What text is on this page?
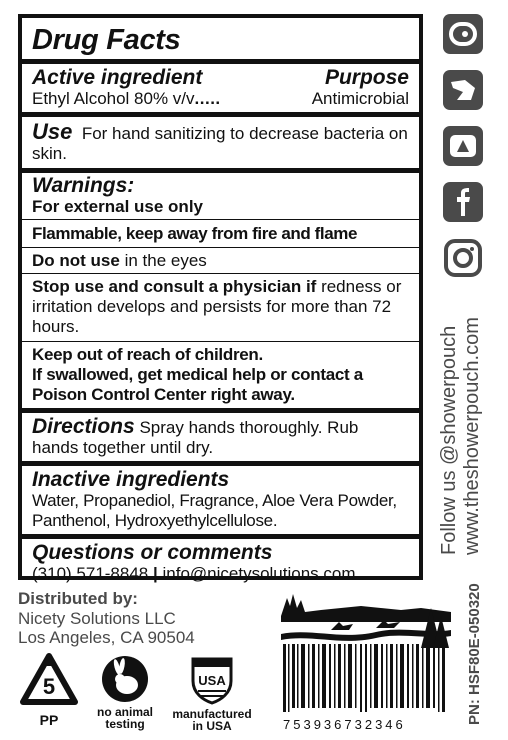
Drug Facts
Active ingredient	Purpose
Ethyl Alcohol 80% v/v.....	Antimicrobial
Use For hand sanitizing to decrease bacteria on skin.
Warnings:
For external use only
Flammable, keep away from fire and flame
Do not use in the eyes
Stop use and consult a physician if redness or irritation develops and persists for more than 72 hours.
Keep out of reach of children.
If swallowed, get medical help or contact a Poison Control Center right away.
Directions Spray hands thoroughly. Rub hands together until dry.
Inactive ingredients
Water, Propanediol, Fragrance, Aloe Vera Powder, Panthenol, Hydroxyethylcellulose.
Questions or comments
(310) 571-8848 | info@nicetysolutions.com
Follow us @showerpouch www.theshowerpouch.com
PN: HSF80E-050320
Distributed by:
Nicety Solutions LLC
Los Angeles, CA 90504
5
PP	no animal
testing
USA
manufactured
in USA	753936732346
